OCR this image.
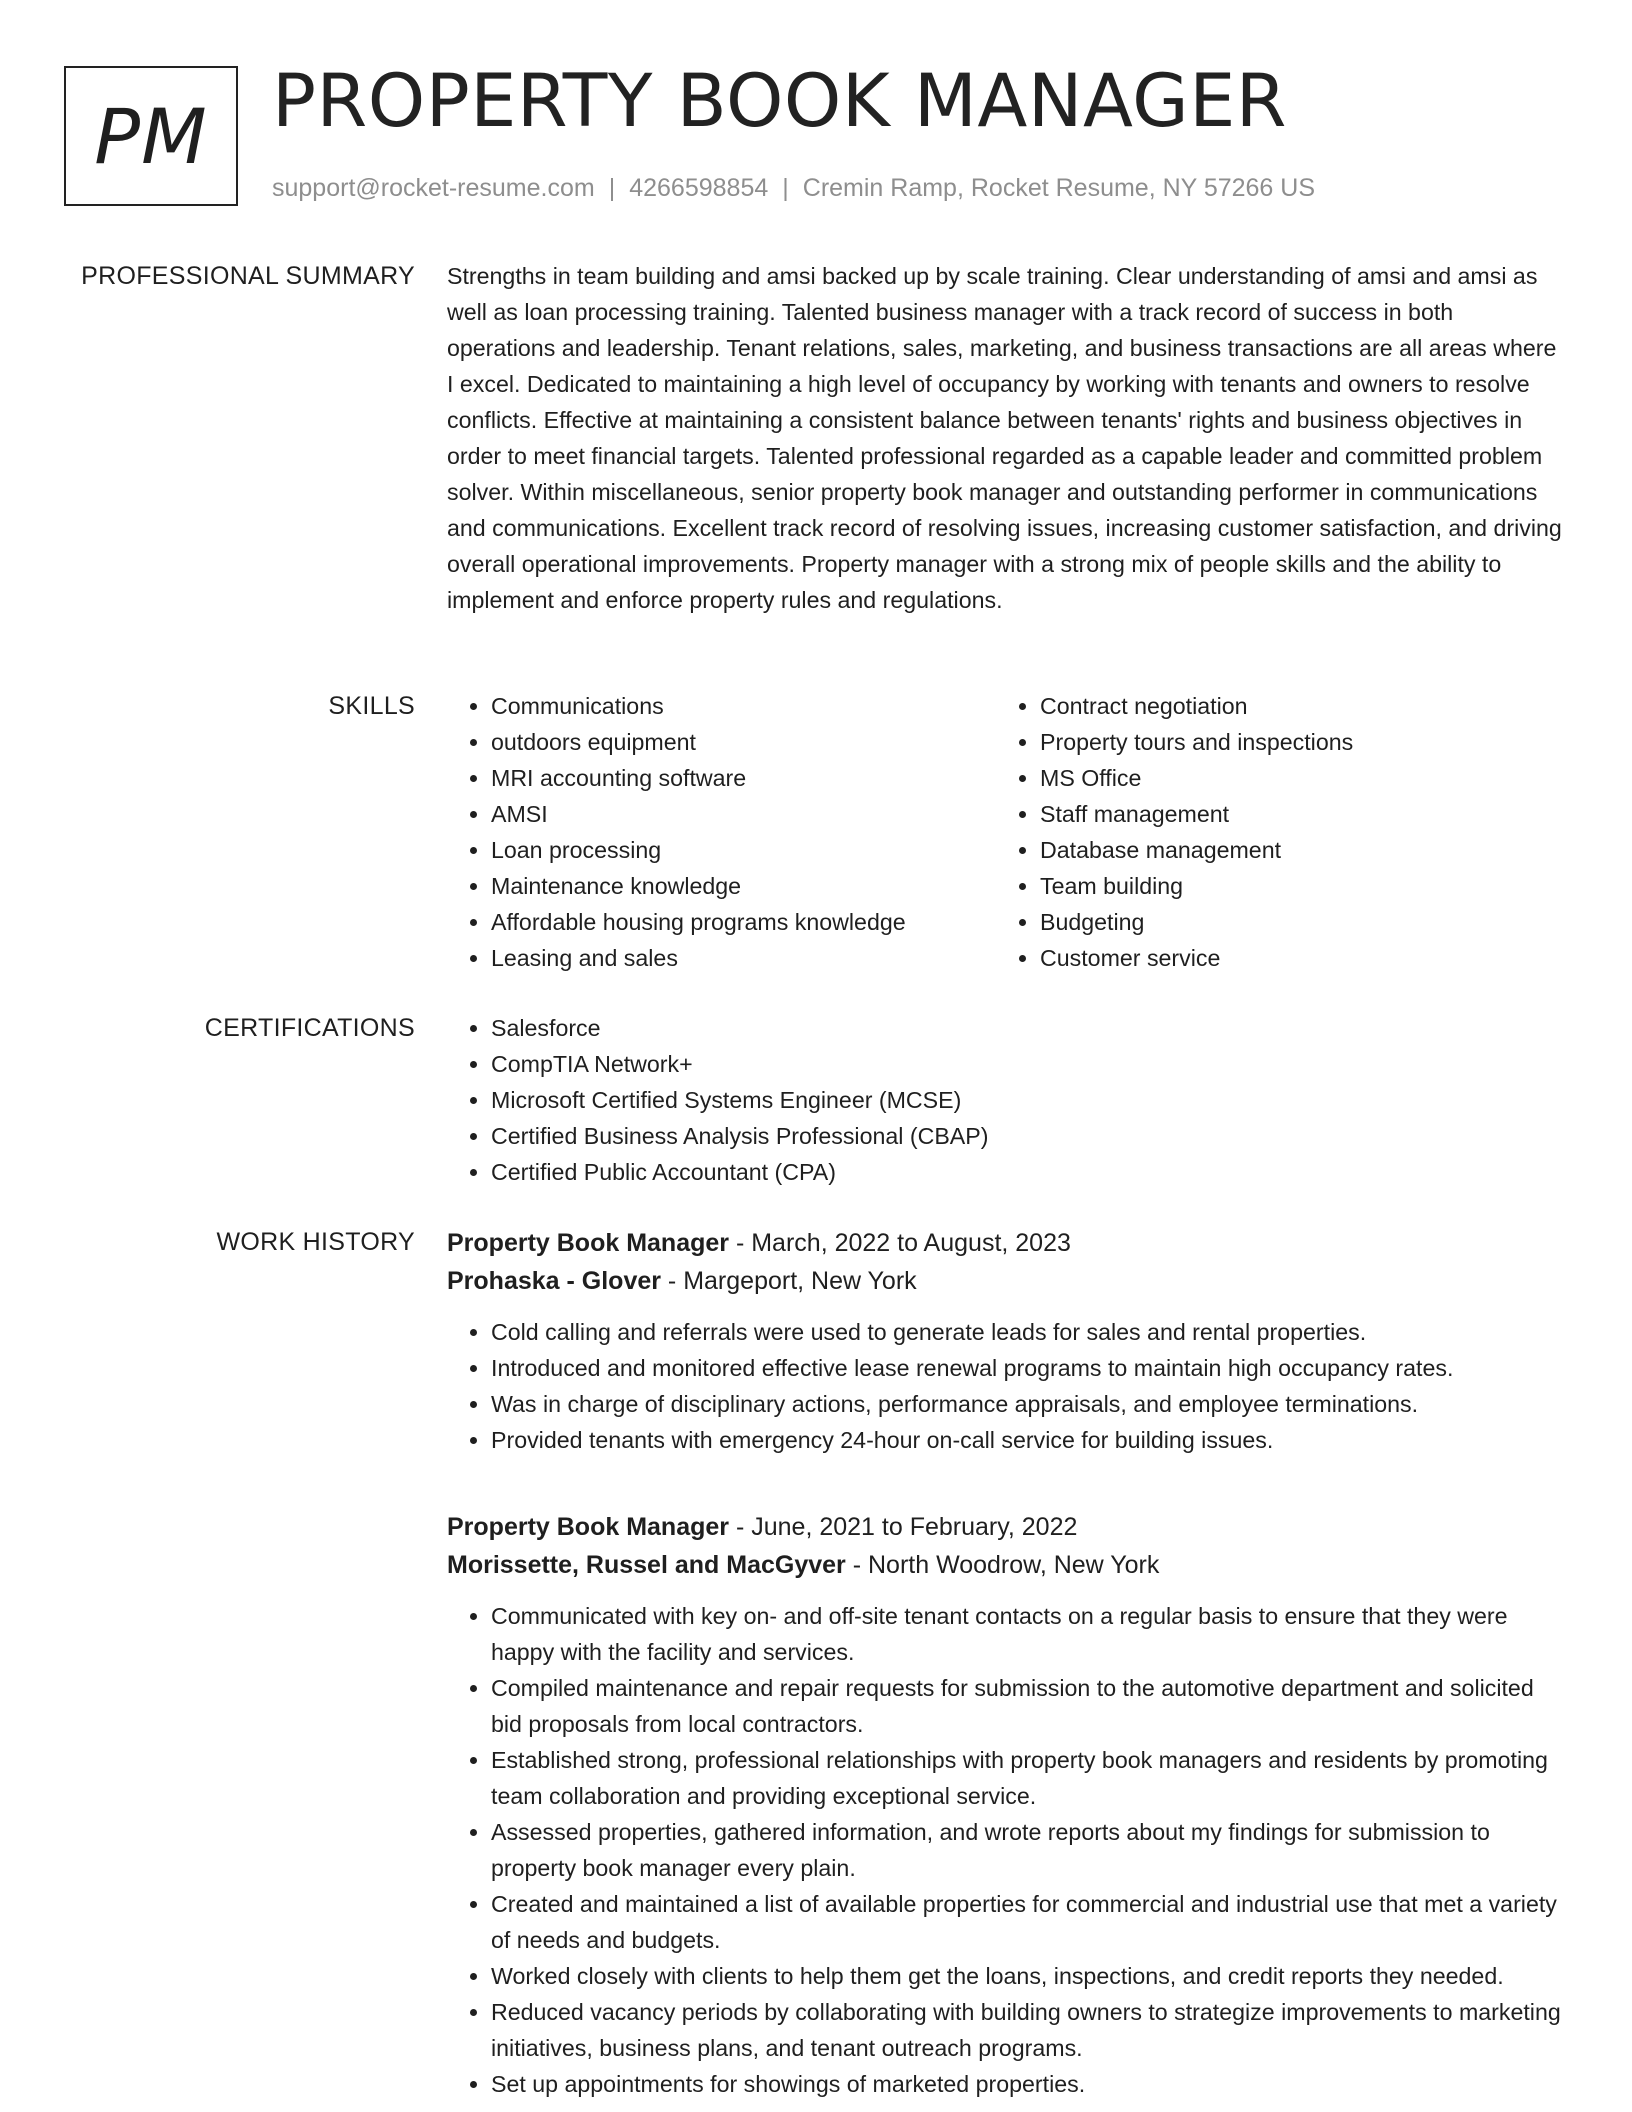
PM PROPERTY BOOK MANAGER
support@rocket-resume.com | 4266598854 | Cremin Ramp, Rocket Resume, NY 57266 US
PROFESSIONAL SUMMARY Strengths in team building and amsi backed up by scale training. Clear understanding of amsi and amsi as well as loan processing training. Talented business manager with a track record of success in both operations and leadership. Tenant relations, sales, marketing, and business transactions are all areas where I excel. Dedicated to maintaining a high level of occupancy by working with tenants and owners to resolve conflicts. Effective at maintaining a consistent balance between tenants' rights and business objectives in order to meet financial targets. Talented professional regarded as a capable leader and committed problem solver. Within miscellaneous, senior property book manager and outstanding performer in communications and communications. Excellent track record of resolving issues, increasing customer satisfaction, and driving overall operational improvements. Property manager with a strong mix of people skills and the ability to implement and enforce property rules and regulations.

SKILLS	• Communications
• outdoors equipment
• MRI accounting software
• AMSI
• Loan processing
• Maintenance knowledge
• Affordable housing programs knowledge
• Leasing and sales
• Contract negotiation
• Property tours and inspections
• MS Office
• Staff management
• Database management
• Team building
• Budgeting
• Customer service
CERTIFICATIONS	• Salesforce
• CompTIA Network+
• Microsoft Certified Systems Engineer (MCSE)
• Certified Business Analysis Professional (CBAP)
• Certified Public Accountant (CPA)
WORK HISTORY Property Book Manager - March, 2022 to August, 2023
Prohaska - Glover - Margeport, New York
• Cold calling and referrals were used to generate leads for sales and rental properties.
• Introduced and monitored effective lease renewal programs to maintain high occupancy rates.
• Was in charge of disciplinary actions, performance appraisals, and employee terminations.
• Provided tenants with emergency 24-hour on-call service for building issues.
Property Book Manager - June, 2021 to February, 2022
Morissette, Russel and MacGyver - North Woodrow, New York
• Communicated with key on- and off-site tenant contacts on a regular basis to ensure that they were happy with the facility and services.
• Compiled maintenance and repair requests for submission to the automotive department and solicited bid proposals from local contractors.
• Established strong, professional relationships with property book managers and residents by promoting team collaboration and providing exceptional service.
• Assessed properties, gathered information, and wrote reports about my findings for submission to property book manager every plain.
• Created and maintained a list of available properties for commercial and industrial use that met a variety of needs and budgets.
• Worked closely with clients to help them get the loans, inspections, and credit reports they needed.
• Reduced vacancy periods by collaborating with building owners to strategize improvements to marketing initiatives, business plans, and tenant outreach programs.
• Set up appointments for showings of marketed properties.
